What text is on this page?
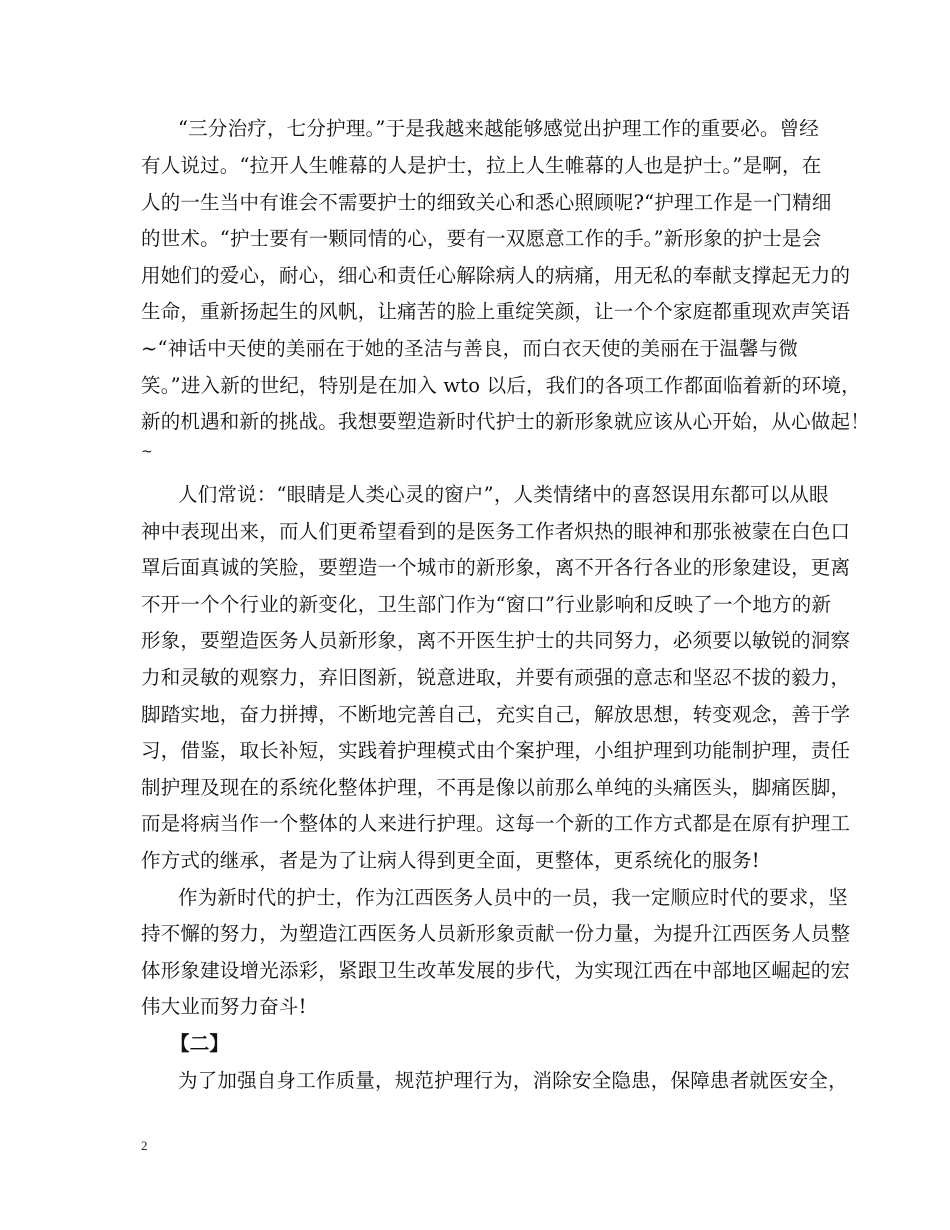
“三分治疗，七分护理。”于是我越来越能够感觉出护理工作的重要必。曾经
有人说过。“拉开人生帷幕的人是护士，拉上人生帷幕的人也是护士。”是啊，在
人的一生当中有谁会不需要护士的细致关心和悉心照顾呢?“护理工作是一门精细
的世术。“护士要有一颗同情的心，要有一双愿意工作的手。”新形象的护士是会
用她们的爱心，耐心，细心和责任心解除病人的病痛，用无私的奉献支撑起无力的
生命，重新扬起生的风帆，让痛苦的脸上重绽笑颜，让一个个家庭都重现欢声笑语
~“神话中天使的美丽在于她的圣洁与善良，而白衣天使的美丽在于温馨与微
笑。”进入新的世纪，特别是在加入 wto 以后，我们的各项工作都面临着新的环境，
新的机遇和新的挑战。我想要塑造新时代护士的新形象就应该从心开始，从心做起！
~
人们常说：“眼睛是人类心灵的窗户”，人类情绪中的喜怒误用东都可以从眼
神中表现出来，而人们更希望看到的是医务工作者炽热的眼神和那张被蒙在白色口
罩后面真诚的笑脸，要塑造一个城市的新形象，离不开各行各业的形象建设，更离
不开一个个行业的新变化，卫生部门作为“窗口”行业影响和反映了一个地方的新
形象，要塑造医务人员新形象，离不开医生护士的共同努力，必须要以敏锐的洞察
力和灵敏的观察力，弃旧图新，锐意进取，并要有顽强的意志和坚忍不拔的毅力，
脚踏实地，奋力拼搏，不断地完善自己，充实自己，解放思想，转变观念，善于学
习，借鉴，取长补短，实践着护理模式由个案护理，小组护理到功能制护理，责任
制护理及现在的系统化整体护理，不再是像以前那么单纯的头痛医头，脚痛医脚，
而是将病当作一个整体的人来进行护理。这每一个新的工作方式都是在原有护理工
作方式的继承，者是为了让病人得到更全面，更整体，更系统化的服务!
作为新时代的护士，作为江西医务人员中的一员，我一定顺应时代的要求，坚
持不懈的努力，为塑造江西医务人员新形象贡献一份力量，为提升江西医务人员整
体形象建设增光添彩，紧跟卫生改革发展的步代，为实现江西在中部地区崛起的宏
伟大业而努力奋斗!
【二】
为了加强自身工作质量，规范护理行为，消除安全隐患，保障患者就医安全，
2
